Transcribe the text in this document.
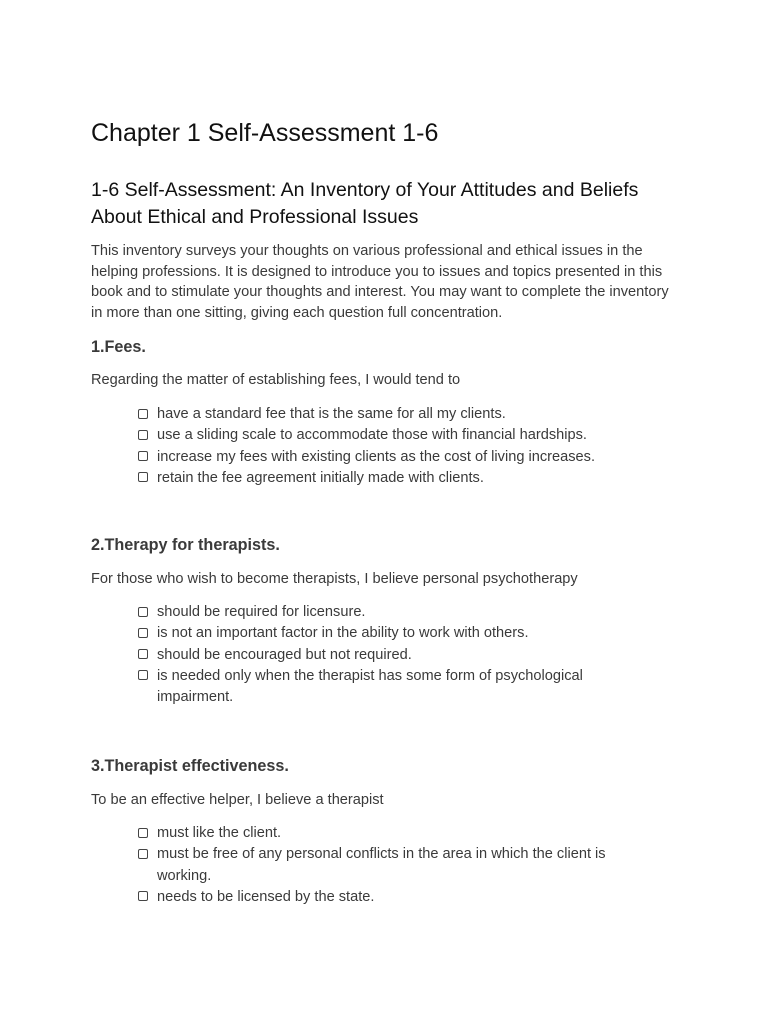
Chapter 1 Self-Assessment 1-6
1-6 Self-Assessment: An Inventory of Your Attitudes and Beliefs About Ethical and Professional Issues

This inventory surveys your thoughts on various professional and ethical issues in the helping professions. It is designed to introduce you to issues and topics presented in this book and to stimulate your thoughts and interest. You may want to complete the inventory in more than one sitting, giving each question full concentration.

1.Fees.

Regarding the matter of establishing fees, I would tend to

have a standard fee that is the same for all my clients.
use a sliding scale to accommodate those with financial hardships.
increase my fees with existing clients as the cost of living increases.
retain the fee agreement initially made with clients.
2.Therapy for therapists.

For those who wish to become therapists, I believe personal psychotherapy

should be required for licensure.
is not an important factor in the ability to work with others.
should be encouraged but not required.
is needed only when the therapist has some form of psychological impairment.
3.Therapist effectiveness.

To be an effective helper, I believe a therapist

must like the client.
must be free of any personal conflicts in the area in which the client is working.
needs to be licensed by the state.
